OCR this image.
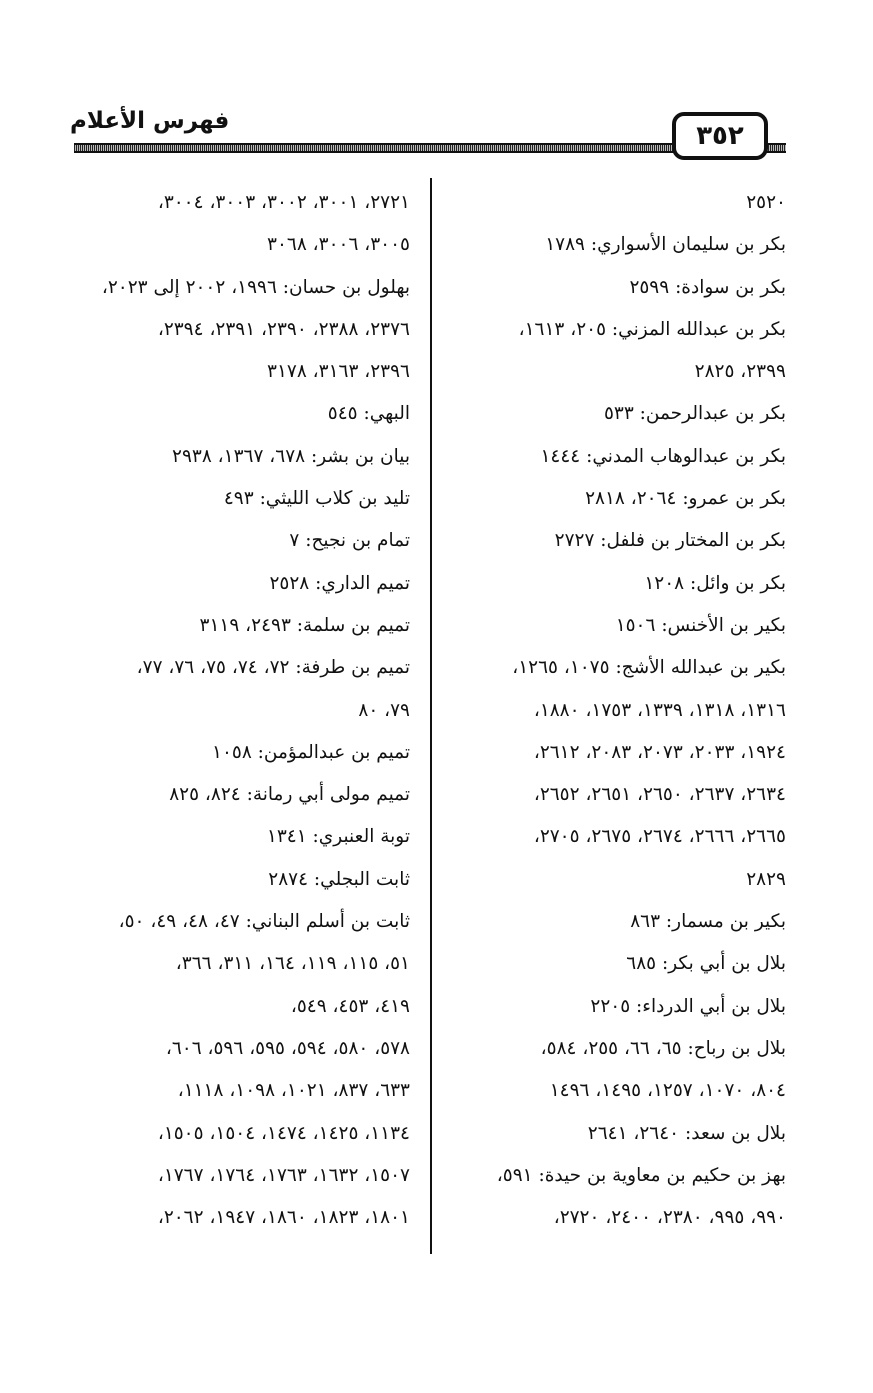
فهرس الأعلام	٣٥٢
٢٥٢٠
بكر بن سليمان الأسواري: ١٧٨٩
بكر بن سوادة: ٢٥٩٩
بكر بن عبدالله المزني: ٢٠٥، ١٦١٣،
٢٣٩٩، ٢٨٢٥
بكر بن عبدالرحمن: ٥٣٣
بكر بن عبدالوهاب المدني: ١٤٤٤
بكر بن عمرو: ٢٠٦٤، ٢٨١٨
بكر بن المختار بن فلفل: ٢٧٢٧
بكر بن وائل: ١٢٠٨
بكير بن الأخنس: ١٥٠٦
بكير بن عبدالله الأشج: ١٠٧٥، ١٢٦٥،
١٣١٦، ١٣١٨، ١٣٣٩، ١٧٥٣، ١٨٨٠،
١٩٢٤، ٢٠٣٣، ٢٠٧٣، ٢٠٨٣، ٢٦١٢،
٢٦٣٤، ٢٦٣٧، ٢٦٥٠، ٢٦٥١، ٢٦٥٢،
٢٦٦٥، ٢٦٦٦، ٢٦٧٤، ٢٦٧٥، ٢٧٠٥،
٢٨٢٩
بكير بن مسمار: ٨٦٣
بلال بن أبي بكر: ٦٨٥
بلال بن أبي الدرداء: ٢٢٠٥
بلال بن رباح: ٦٥، ٦٦، ٢٥٥، ٥٨٤،
٨٠٤، ١٠٧٠، ١٢٥٧، ١٤٩٥، ١٤٩٦
بلال بن سعد: ٢٦٤٠، ٢٦٤١
بهز بن حكيم بن معاوية بن حيدة: ٥٩١،
٩٩٠، ٩٩٥، ٢٣٨٠، ٢٤٠٠، ٢٧٢٠،
٢٧٢١، ٣٠٠١، ٣٠٠٢، ٣٠٠٣، ٣٠٠٤،
٣٠٠٥، ٣٠٠٦، ٣٠٦٨
بهلول بن حسان: ١٩٩٦، ٢٠٠٢ إلى ٢٠٢٣،
٢٣٧٦، ٢٣٨٨، ٢٣٩٠، ٢٣٩١، ٢٣٩٤،
٢٣٩٦، ٣١٦٣، ٣١٧٨
البهي: ٥٤٥
بيان بن بشر: ٦٧٨، ١٣٦٧، ٢٩٣٨
تليد بن كلاب الليثي: ٤٩٣
تمام بن نجيح: ٧
تميم الداري: ٢٥٢٨
تميم بن سلمة: ٢٤٩٣، ٣١١٩
تميم بن طرفة: ٧٢، ٧٤، ٧٥، ٧٦، ٧٧،
٧٩، ٨٠
تميم بن عبدالمؤمن: ١٠٥٨
تميم مولى أبي رمانة: ٨٢٤، ٨٢٥
توبة العنبري: ١٣٤١
ثابت البجلي: ٢٨٧٤
ثابت بن أسلم البناني: ٤٧، ٤٨، ٤٩، ٥٠،
٥١، ١١٥، ١١٩، ١٦٤، ٣١١، ٣٦٦،
٤١٩، ٤٥٣، ٥٤٩،
٥٧٨، ٥٨٠، ٥٩٤، ٥٩٥، ٥٩٦، ٦٠٦،
٦٣٣، ٨٣٧، ١٠٢١، ١٠٩٨، ١١١٨،
١١٣٤، ١٤٢٥، ١٤٧٤، ١٥٠٤، ١٥٠٥،
١٥٠٧، ١٦٣٢، ١٧٦٣، ١٧٦٤، ١٧٦٧،
١٨٠١، ١٨٢٣، ١٨٦٠، ١٩٤٧، ٢٠٦٢،
